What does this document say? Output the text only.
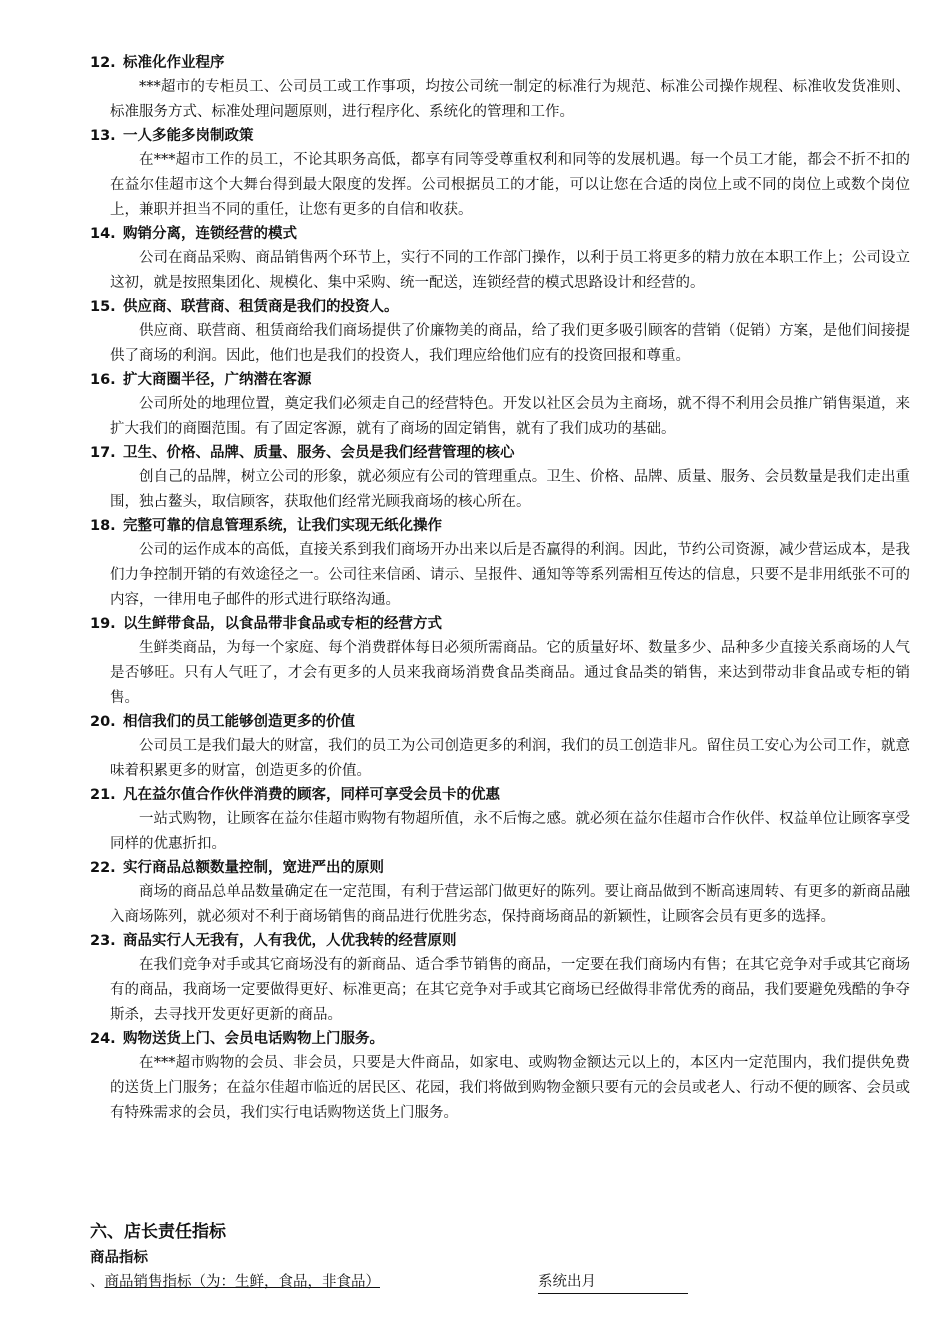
12. 标准化作业程序
***超市的专柜员工、公司员工或工作事项，均按公司统一制定的标准行为规范、标准公司操作规程、标准收发货准则、标准服务方式、标准处理问题原则，进行程序化、系统化的管理和工作。
13. 一人多能多岗制政策
在***超市工作的员工，不论其职务高低，都享有同等受尊重权利和同等的发展机遇。每一个员工才能，都会不折不扣的在益尔佳超市这个大舞台得到最大限度的发挥。公司根据员工的才能，可以让您在合适的岗位上或不同的岗位上或数个岗位上，兼职并担当不同的重任，让您有更多的自信和收获。
14. 购销分离，连锁经营的模式
公司在商品采购、商品销售两个环节上，实行不同的工作部门操作，以利于员工将更多的精力放在本职工作上；公司设立这初，就是按照集团化、规模化、集中采购、统一配送，连锁经营的模式思路设计和经营的。
15. 供应商、联营商、租赁商是我们的投资人。
供应商、联营商、租赁商给我们商场提供了价廉物美的商品，给了我们更多吸引顾客的营销（促销）方案，是他们间接提供了商场的利润。因此，他们也是我们的投资人，我们理应给他们应有的投资回报和尊重。
16. 扩大商圈半径，广纳潜在客源
公司所处的地理位置，奠定我们必须走自己的经营特色。开发以社区会员为主商场，就不得不利用会员推广销售渠道，来扩大我们的商圈范围。有了固定客源，就有了商场的固定销售，就有了我们成功的基础。
17. 卫生、价格、品牌、质量、服务、会员是我们经营管理的核心
创自己的品牌，树立公司的形象，就必须应有公司的管理重点。卫生、价格、品牌、质量、服务、会员数量是我们走出重围，独占鳌头，取信顾客，获取他们经常光顾我商场的核心所在。
18. 完整可靠的信息管理系统，让我们实现无纸化操作
公司的运作成本的高低，直接关系到我们商场开办出来以后是否赢得的利润。因此，节约公司资源，减少营运成本，是我们力争控制开销的有效途径之一。公司往来信函、请示、呈报件、通知等等系列需相互传达的信息，只要不是非用纸张不可的内容，一律用电子邮件的形式进行联络沟通。
19. 以生鲜带食品，以食品带非食品或专柜的经营方式
生鲜类商品，为每一个家庭、每个消费群体每日必须所需商品。它的质量好坏、数量多少、品种多少直接关系商场的人气是否够旺。只有人气旺了，才会有更多的人员来我商场消费食品类商品。通过食品类的销售，来达到带动非食品或专柜的销售。
20. 相信我们的员工能够创造更多的价值
公司员工是我们最大的财富，我们的员工为公司创造更多的利润，我们的员工创造非凡。留住员工安心为公司工作，就意味着积累更多的财富，创造更多的价值。
21. 凡在益尔值合作伙伴消费的顾客，同样可享受会员卡的优惠
一站式购物，让顾客在益尔佳超市购物有物超所值，永不后悔之感。就必须在益尔佳超市合作伙伴、权益单位让顾客享受同样的优惠折扣。
22. 实行商品总额数量控制，宽进严出的原则
商场的商品总单品数量确定在一定范围，有利于营运部门做更好的陈列。要让商品做到不断高速周转、有更多的新商品融入商场陈列，就必须对不利于商场销售的商品进行优胜劣态，保持商场商品的新颖性，让顾客会员有更多的选择。
23. 商品实行人无我有，人有我优，人优我转的经营原则
在我们竞争对手或其它商场没有的新商品、适合季节销售的商品，一定要在我们商场内有售；在其它竞争对手或其它商场有的商品，我商场一定要做得更好、标准更高；在其它竞争对手或其它商场已经做得非常优秀的商品，我们要避免残酷的争夺斯杀，去寻找开发更好更新的商品。
24. 购物送货上门、会员电话购物上门服务。
在***超市购物的会员、非会员，只要是大件商品，如家电、或购物金额达元以上的，本区内一定范围内，我们提供免费的送货上门服务；在益尔佳超市临近的居民区、花园，我们将做到购物金额只要有元的会员或老人、行动不便的顾客、会员或有特殊需求的会员，我们实行电话购物送货上门服务。
六、店长责任指标
商品指标
、商品销售指标（为：生鲜，食品，非食品）	系统出月
